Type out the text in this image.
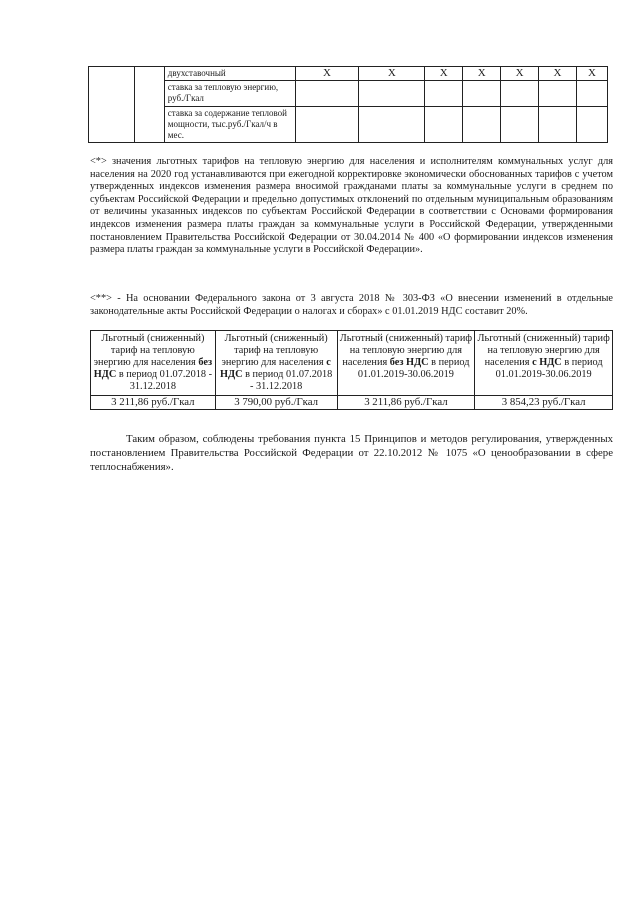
		двухставочный	X	X	X	X	X	X	X
		ставка за тепловую энергию, руб./Гкал							
		ставка за содержание тепловой мощности, тыс.руб./Гкал/ч в мес.							

<*> значения льготных тарифов на тепловую энергию для населения и исполнителям коммунальных услуг для населения на 2020 год устанавливаются при ежегодной корректировке экономически обоснованных тарифов с учетом утвержденных индексов изменения размера вносимой гражданами платы за коммунальные услуги в среднем по субъектам Российской Федерации и предельно допустимых отклонений по отдельным муниципальным образованиям от величины указанных индексов по субъектам Российской Федерации в соответствии с Основами формирования индексов изменения размера платы граждан за коммунальные услуги в Российской Федерации, утвержденными постановлением Правительства Российской Федерации от 30.04.2014 № 400 «О формировании индексов изменения размера платы граждан за коммунальные услуги в Российской Федерации».

<**> - На основании Федерального закона от 3 августа 2018 № 303-ФЗ «О внесении изменений в отдельные законодательные акты Российской Федерации о налогах и сборах» с 01.01.2019 НДС составит 20%.

Льготный (сниженный) тариф на тепловую энергию для населения без НДС в период 01.07.2018 - 31.12.2018	Льготный (сниженный) тариф на тепловую энергию для населения с НДС в период 01.07.2018 - 31.12.2018	Льготный (сниженный) тариф на тепловую энергию для населения без НДС в период 01.01.2019-30.06.2019	Льготный (сниженный) тариф на тепловую энергию для населения с НДС в период 01.01.2019-30.06.2019
3 211,86 руб./Гкал	3 790,00 руб./Гкал	3 211,86 руб./Гкал	3 854,23 руб./Гкал

Таким образом, соблюдены требования пункта 15 Принципов и методов регулирования, утвержденных постановлением Правительства Российской Федерации от 22.10.2012 № 1075 «О ценообразовании в сфере теплоснабжения».
